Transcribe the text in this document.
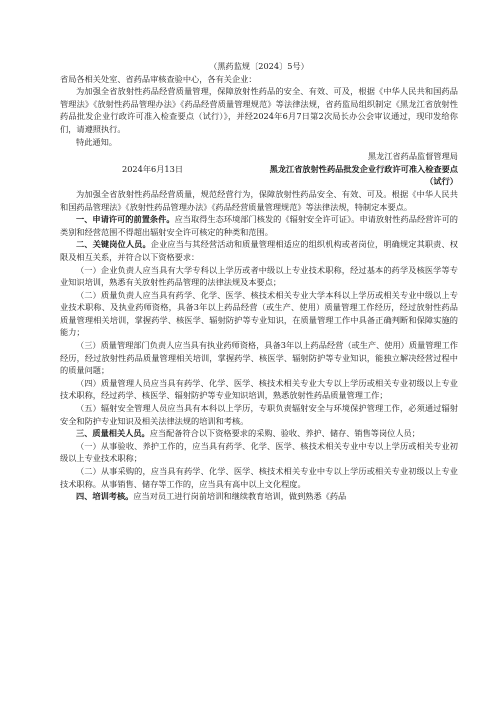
（黑药监规〔2024〕5号）

省局各相关处室、省药品审核查验中心，各有关企业：

为加强全省放射性药品经营质量管理，保障放射性药品的安全、有效、可及，根据《中华人民共和国药品管理法》《放射性药品管理办法》《药品经营质量管理规范》等法律法规，省药监局组织制定《黑龙江省放射性药品批发企业行政许可准入检查要点（试行）》，并经2024年6月7日第2次局长办公会审议通过，现印发给你们，请遵照执行。

特此通知。

黑龙江省药品监督管理局

2024年6月13日	黑龙江省放射性药品批发企业行政许可准入检查要点

（试行）

为加强全省放射性药品经营质量，规范经营行为，保障放射性药品安全、有效、可及。根据《中华人民共和国药品管理法》《放射性药品管理办法》《药品经营质量管理规范》等法律法规，特制定本要点。

一、申请许可的前置条件。应当取得生态环境部门核发的《辐射安全许可证》。申请放射性药品经营许可的类别和经营范围不得超出辐射安全许可核定的种类和范围。

二、关键岗位人员。企业应当与其经营活动和质量管理相适应的组织机构或者岗位，明确规定其职责、权限及相互关系，并符合以下资格要求：

（一）企业负责人应当具有大学专科以上学历或者中级以上专业技术职称，经过基本的药学及核医学等专业知识培训，熟悉有关放射性药品管理的法律法规及本要点；

（二）质量负责人应当具有药学、化学、医学、核技术相关专业大学本科以上学历或相关专业中级以上专业技术职称、及执业药师资格，具备3年以上药品经营（或生产、使用）质量管理工作经历，经过放射性药品质量管理相关培训，掌握药学、核医学、辐射防护等专业知识，在质量管理工作中具备正确判断和保障实施的能力；

（三）质量管理部门负责人应当具有执业药师资格，具备3年以上药品经营（或生产、使用）质量管理工作经历，经过放射性药品质量管理相关培训，掌握药学、核医学、辐射防护等专业知识，能独立解决经营过程中的质量问题；

（四）质量管理人员应当具有药学、化学、医学、核技术相关专业大专以上学历或相关专业初级以上专业技术职称，经过药学、核医学、辐射防护等专业知识培训，熟悉放射性药品质量管理工作；

（五）辐射安全管理人员应当具有本科以上学历，专职负责辐射安全与环境保护管理工作，必须通过辐射安全和防护专业知识及相关法律法规的培训和考核。

三、质量相关人员。应当配备符合以下资格要求的采购、验收、养护、储存、销售等岗位人员；

（一）从事验收、养护工作的，应当具有药学、化学、医学、核技术相关专业中专以上学历或相关专业初级以上专业技术职称；

（二）从事采购的，应当具有药学、化学、医学、核技术相关专业中专以上学历或相关专业初级以上专业技术职称。从事销售、储存等工作的，应当具有高中以上文化程度。

四、培训考核。应当对员工进行岗前培训和继续教育培训，做到熟悉《药品
